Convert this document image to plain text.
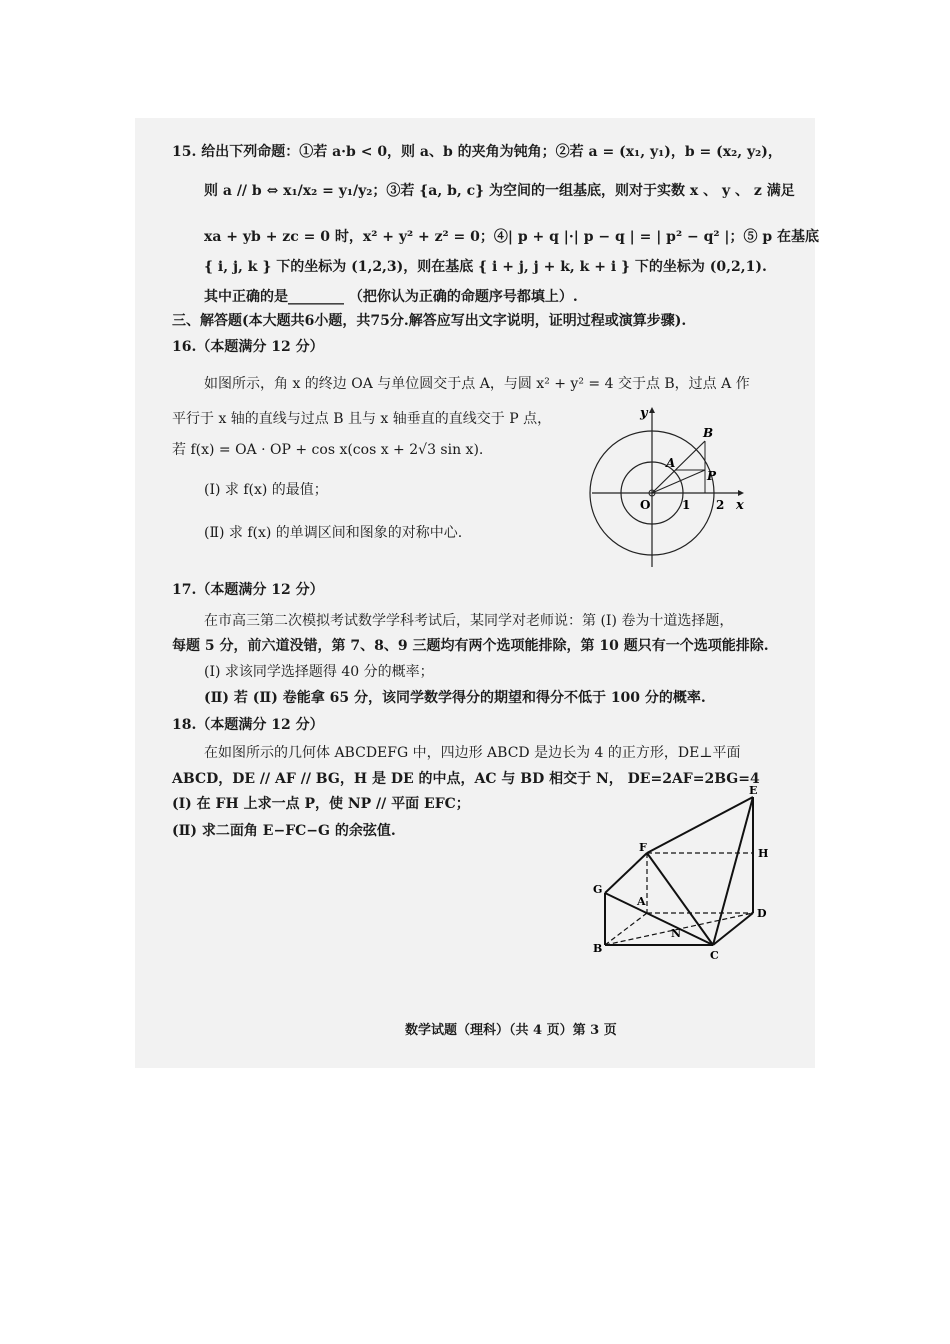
15. 给出下列命题：①若 a·b < 0，则 a、b 的夹角为钝角；②若 a = (x₁, y₁)，b = (x₂, y₂)，
则 a // b ⇔ x₁/x₂ = y₁/y₂；③若 {a, b, c} 为空间的一组基底，则对于实数 x 、 y 、 z 满足
xa + yb + zc = 0 时，x² + y² + z² = 0；④| p + q |·| p − q | = | p² − q² |；⑤ p 在基底
{ i, j, k } 下的坐标为 (1,2,3)，则在基底 { i + j, j + k, k + i } 下的坐标为 (0,2,1).
其中正确的是________ （把你认为正确的命题序号都填上）.
三、解答题(本大题共6小题，共75分.解答应写出文字说明，证明过程或演算步骤).
16.（本题满分 12 分）
如图所示，角 x 的终边 OA 与单位圆交于点 A，与圆 x² + y² = 4 交于点 B，过点 A 作
平行于 x 轴的直线与过点 B 且与 x 轴垂直的直线交于 P 点，
若 f(x) = OA · OP + cos x(cos x + 2√3 sin x).
(Ⅰ) 求 f(x) 的最值；
(Ⅱ) 求 f(x) 的单调区间和图象的对称中心.
y
x
O
A
B
P
1 2
17.（本题满分 12 分）
在市高三第二次模拟考试数学学科考试后，某同学对老师说：第 (Ⅰ) 卷为十道选择题，
每题 5 分，前六道没错，第 7、8、9 三题均有两个选项能排除，第 10 题只有一个选项能排除.
(Ⅰ) 求该同学选择题得 40 分的概率；
(Ⅱ) 若 (Ⅱ) 卷能拿 65 分，该同学数学得分的期望和得分不低于 100 分的概率.
18.（本题满分 12 分）
在如图所示的几何体 ABCDEFG 中，四边形 ABCD 是边长为 4 的正方形，DE⊥平面
ABCD，DE // AF // BG，H 是 DE 的中点，AC 与 BD 相交于 N， DE=2AF=2BG=4
(Ⅰ) 在 FH 上求一点 P，使 NP // 平面 EFC；
(Ⅱ) 求二面角 E−FC−G 的余弦值.
E
F
G
H
A
B
C
D
N
数学试题（理科）（共 4 页）第 3 页
